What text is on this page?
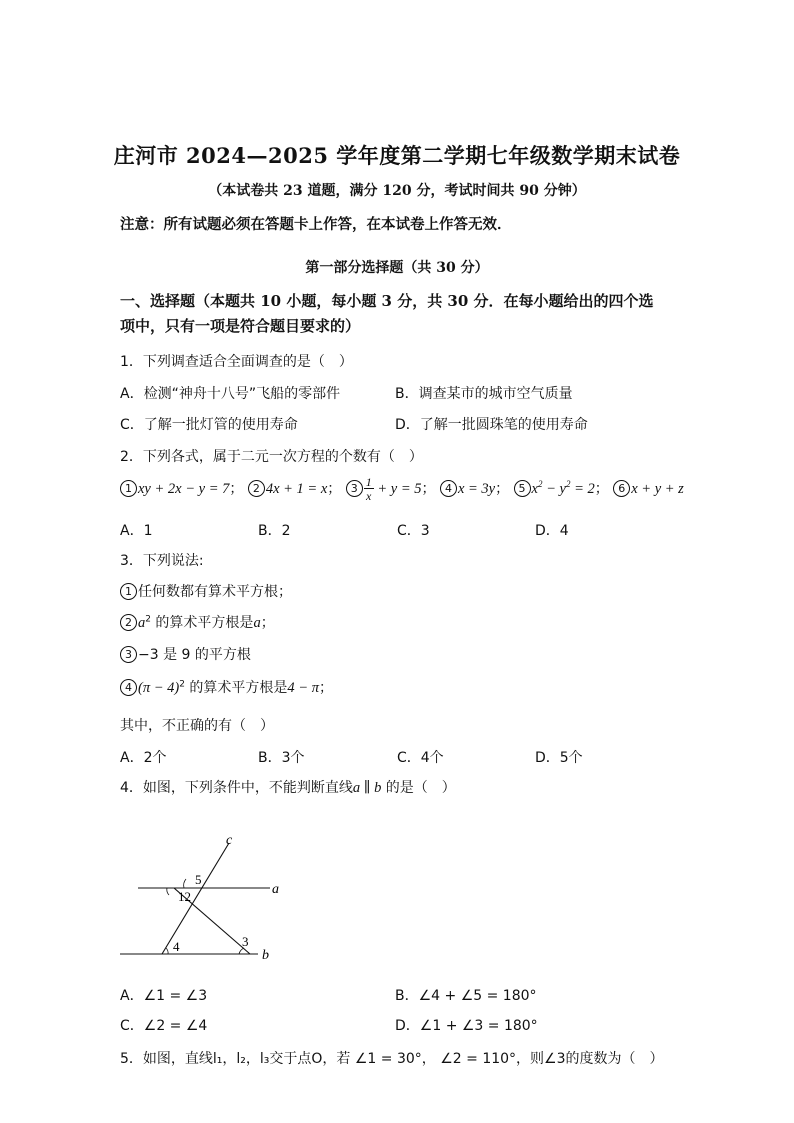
庄河市 2024—2025 学年度第二学期七年级数学期末试卷
（本试卷共 23 道题，满分 120 分，考试时间共 90 分钟）
注意：所有试题必须在答题卡上作答，在本试卷上作答无效．
第一部分选择题（共 30 分）
一、选择题（本题共 10 小题，每小题 3 分，共 30 分．在每小题给出的四个选
项中，只有一项是符合题目要求的）
1．下列调查适合全面调查的是（　）
A．检测“神舟十八号”飞船的零部件	B．调查某市的城市空气质量
C．了解一批灯管的使用寿命	D．了解一批圆珠笔的使用寿命
2．下列各式，属于二元一次方程的个数有（　）
1 xy + 2x − y = 7； 2 4x + 1 = x； $3 \frac{1}{x} + y = 5$； 4 x = 3y； 5 $x^2 - y^2 = 2$； 6 x + y + z
A．1	B．2	C．3	D．4
3．下列说法:
1 任何数都有算术平方根；
2 $a^2$ 的算术平方根是a；
3 −3 是 9 的平方根
4 $(\pi - 4)^2$ 的算术平方根是4 − π；
其中，不正确的有（　）
A．2个	B．3个	C．4个	D．5个
4．如图，下列条件中，不能判断直线a ∥ b 的是（　）
c
a
b
5
12
4	3
A．∠1 = ∠3	B．∠4 + ∠5 = 180°
C．∠2 = ∠4	D．∠1 + ∠3 = 180°
5．如图，直线l₁，l₂，l₃交于点O，若 ∠1 = 30°， ∠2 = 110°，则∠3的度数为（　）
